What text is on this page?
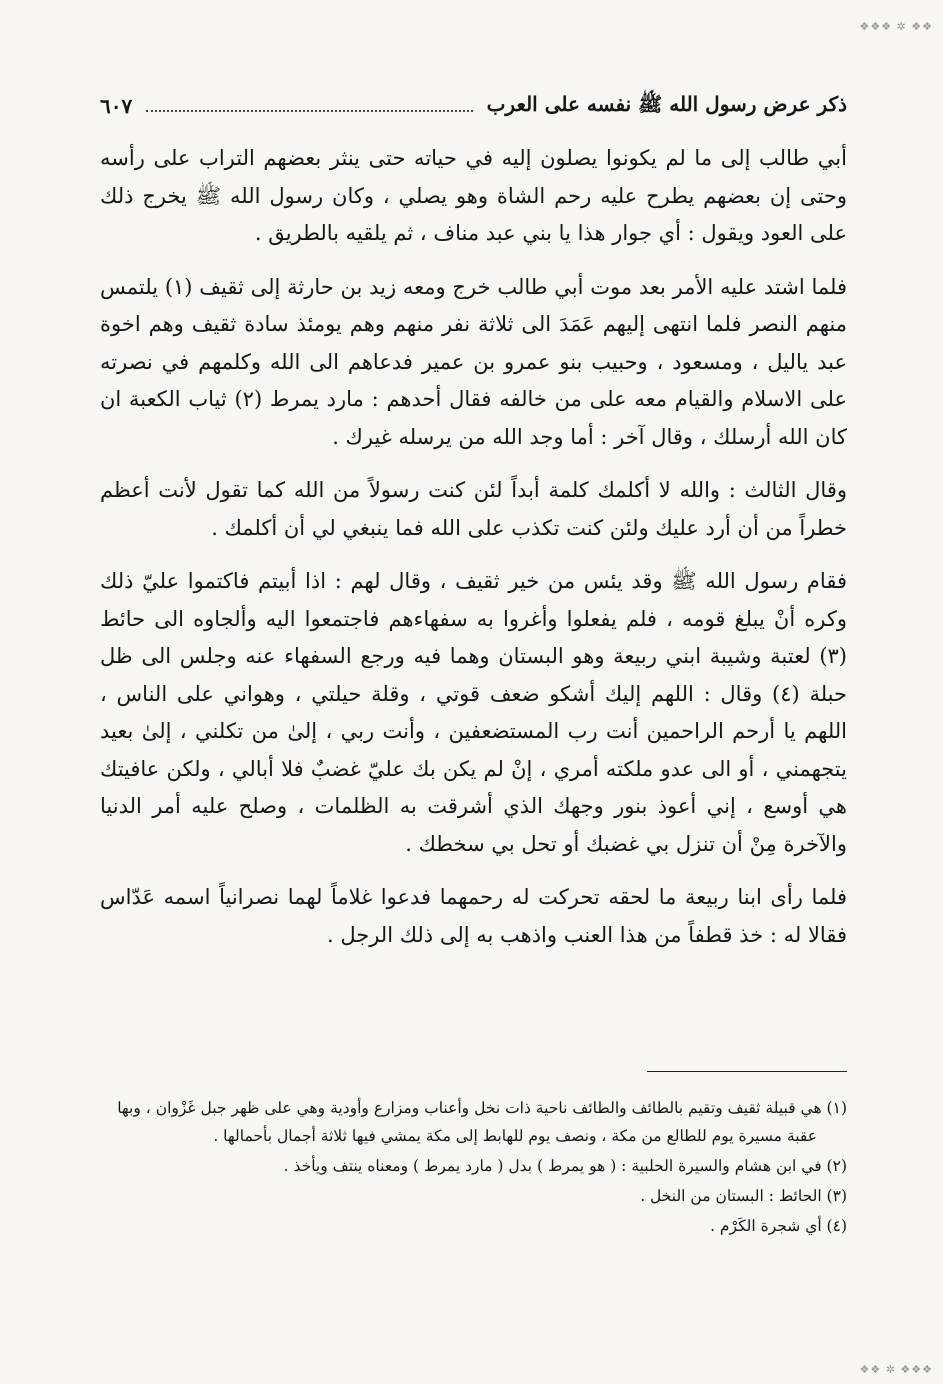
❖❖❖ ✲ ❖❖
ذكر عرض رسول الله ﷺ نفسه على العرب
٦٠٧

أبي طالب إلى ما لم يكونوا يصلون إليه في حياته حتى ينثر بعضهم التراب على رأسه وحتى إن بعضهم يطرح عليه رحم الشاة وهو يصلي ، وكان رسول الله ﷺ يخرج ذلك على العود ويقول : أي جوار هذا يا بني عبد مناف ، ثم يلقيه بالطريق .

فلما اشتد عليه الأمر بعد موت أبي طالب خرج ومعه زيد بن حارثة إلى ثقيف (١) يلتمس منهم النصر فلما انتهى إليهم عَمَدَ الى ثلاثة نفر منهم وهم يومئذ سادة ثقيف وهم اخوة عبد ياليل ، ومسعود ، وحبيب بنو عمرو بن عمير فدعاهم الى الله وكلمهم في نصرته على الاسلام والقيام معه على من خالفه فقال أحدهم : مارد يمرط (٢) ثياب الكعبة ان كان الله أرسلك ، وقال آخر : أما وجد الله من يرسله غيرك .

وقال الثالث : والله لا أكلمك كلمة أبداً لئن كنت رسولاً من الله كما تقول لأنت أعظم خطراً من أن أرد عليك ولئن كنت تكذب على الله فما ينبغي لي أن أكلمك .

فقام رسول الله ﷺ وقد يئس من خير ثقيف ، وقال لهم : اذا أبيتم فاكتموا عليّ ذلك وكره أنْ يبلغ قومه ، فلم يفعلوا وأغروا به سفهاءهم فاجتمعوا اليه وألجاوه الى حائط (٣) لعتبة وشيبة ابني ربيعة وهو البستان وهما فيه ورجع السفهاء عنه وجلس الى ظل حبلة (٤) وقال : اللهم إليك أشكو ضعف قوتي ، وقلة حيلتي ، وهواني على الناس ، اللهم يا أرحم الراحمين أنت رب المستضعفين ، وأنت ربي ، إلىٰ من تكلني ، إلىٰ بعيد يتجهمني ، أو الى عدو ملكته أمري ، إنْ لم يكن بك عليّ غضبٌ فلا أبالي ، ولكن عافيتك هي أوسع ، إني أعوذ بنور وجهك الذي أشرقت به الظلمات ، وصلح عليه أمر الدنيا والآخرة مِنْ أن تنزل بي غضبك أو تحل بي سخطك .

فلما رأى ابنا ربيعة ما لحقه تحركت له رحمهما فدعوا غلاماً لهما نصرانياً اسمه عَدّاس فقالا له : خذ قطفاً من هذا العنب واذهب به إلى ذلك الرجل .

(١) هي قبيلة ثقيف وتقيم بالطائف والطائف ناحية ذات نخل وأعناب ومزارع وأودية وهي على ظهر جبل غَزْوان ، وبها عقبة مسيرة يوم للطالع من مكة ، ونصف يوم للهابط إلى مكة يمشي فيها ثلاثة أجمال بأحمالها .

(٢) في ابن هشام والسيرة الحلبية : ( هو يمرط ) بدل ( مارد يمرط ) ومعناه ينتف ويأخذ .

(٣) الحائط : البستان من النخل .

(٤) أي شجرة الكَرْم .

❖❖ ✲ ❖❖❖
